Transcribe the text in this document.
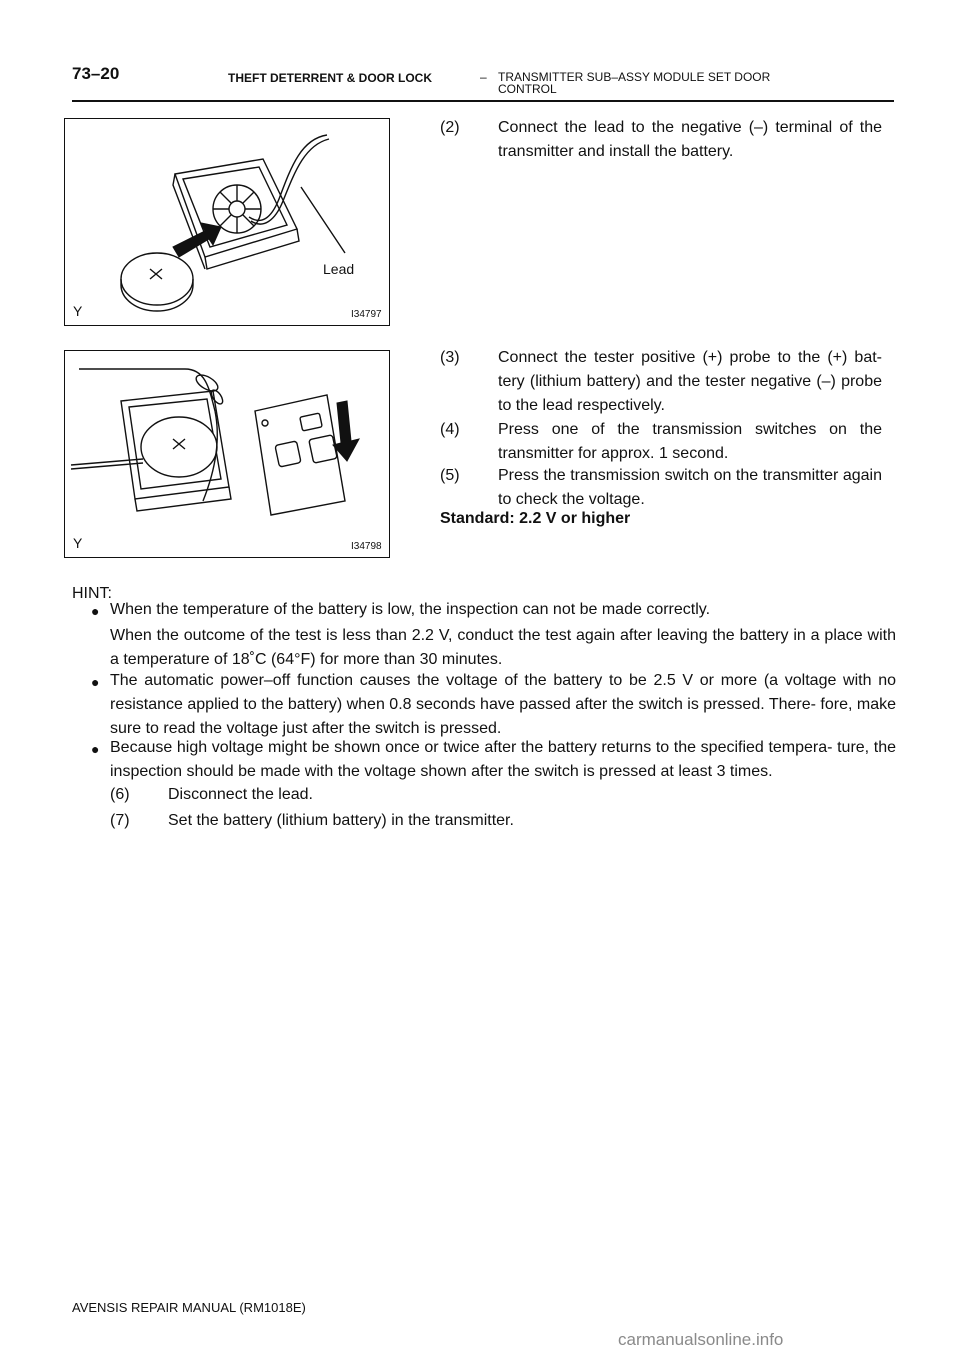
73–20	THEFT DETERRENT & DOOR LOCK	– TRANSMITTER SUB–ASSY MODULE SET DOOR CONTROL
Y	I34797
Lead
Y	I34798
(2) Connect the lead to the negative (–) terminal of the transmitter and install the battery.
(3) Connect the tester positive (+) probe to the (+) bat- tery (lithium battery) and the tester negative (–) probe to the lead respectively.
(4) Press one of the transmission switches on the transmitter for approx. 1 second.
(5) Press the transmission switch on the transmitter again to check the voltage.
Standard: 2.2 V or higher
HINT:
● When the temperature of the battery is low, the inspection can not be made correctly.
When the outcome of the test is less than 2.2 V, conduct the test again after leaving the battery in a place with a temperature of 18˚C (64°F) for more than 30 minutes.
● The automatic power–off function causes the voltage of the battery to be 2.5 V or more (a voltage with no resistance applied to the battery) when 0.8 seconds have passed after the switch is pressed. There- fore, make sure to read the voltage just after the switch is pressed.
● Because high voltage might be shown once or twice after the battery returns to the specified tempera- ture, the inspection should be made with the voltage shown after the switch is pressed at least 3 times.
(6) Disconnect the lead.
(7) Set the battery (lithium battery) in the transmitter.
AVENSIS REPAIR MANUAL (RM1018E)
carmanualsonline.info
